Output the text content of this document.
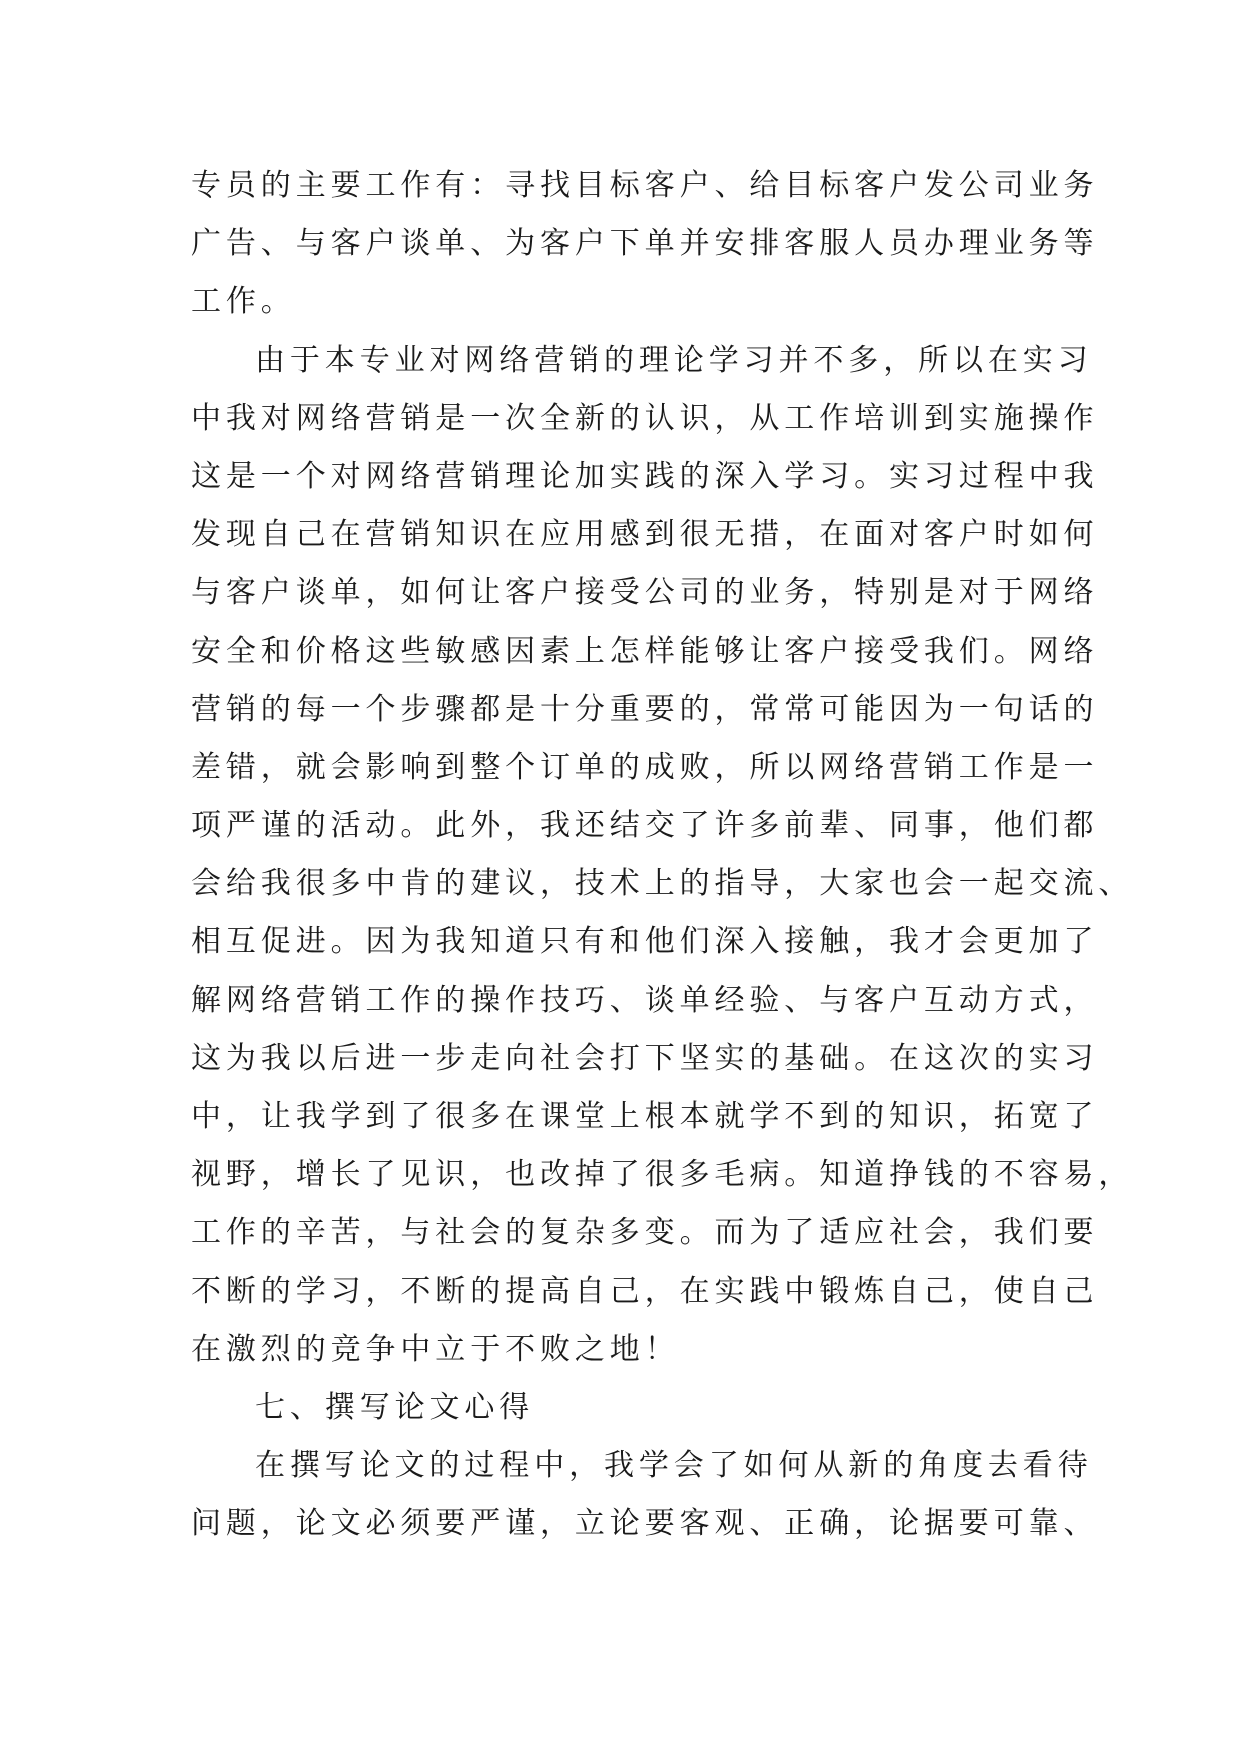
专员的主要工作有：寻找目标客户、给目标客户发公司业务
广告、与客户谈单、为客户下单并安排客服人员办理业务等
工作。
由于本专业对网络营销的理论学习并不多，所以在实习
中我对网络营销是一次全新的认识，从工作培训到实施操作
这是一个对网络营销理论加实践的深入学习。实习过程中我
发现自己在营销知识在应用感到很无措，在面对客户时如何
与客户谈单，如何让客户接受公司的业务，特别是对于网络
安全和价格这些敏感因素上怎样能够让客户接受我们。网络
营销的每一个步骤都是十分重要的，常常可能因为一句话的
差错，就会影响到整个订单的成败，所以网络营销工作是一
项严谨的活动。此外，我还结交了许多前辈、同事，他们都
会给我很多中肯的建议，技术上的指导，大家也会一起交流、
相互促进。因为我知道只有和他们深入接触，我才会更加了
解网络营销工作的操作技巧、谈单经验、与客户互动方式，
这为我以后进一步走向社会打下坚实的基础。在这次的实习
中，让我学到了很多在课堂上根本就学不到的知识，拓宽了
视野，增长了见识，也改掉了很多毛病。知道挣钱的不容易，
工作的辛苦，与社会的复杂多变。而为了适应社会，我们要
不断的学习，不断的提高自己，在实践中锻炼自己，使自己
在激烈的竞争中立于不败之地！
七、撰写论文心得
在撰写论文的过程中，我学会了如何从新的角度去看待
问题，论文必须要严谨，立论要客观、正确，论据要可靠、
